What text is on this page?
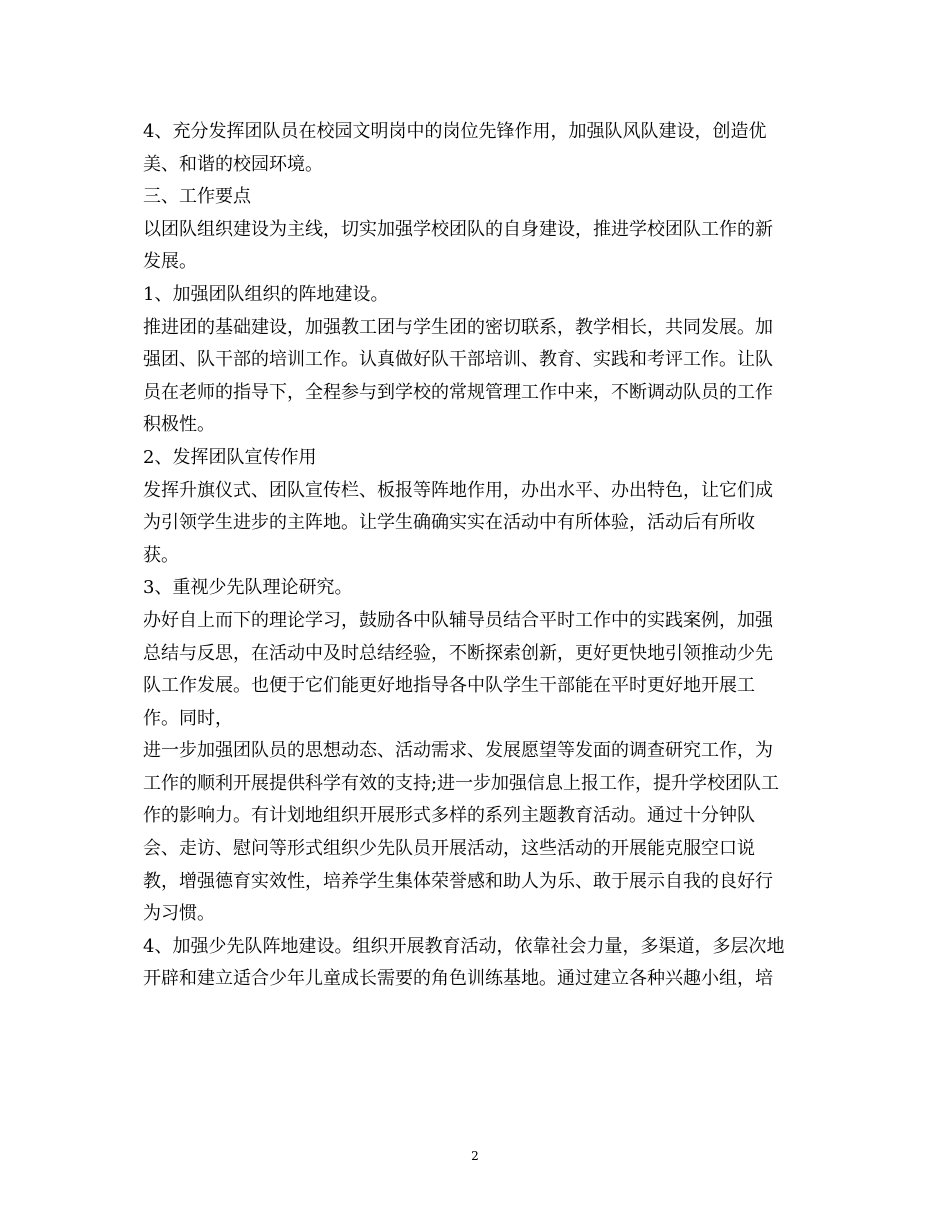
4、充分发挥团队员在校园文明岗中的岗位先锋作用，加强队风队建设，创造优
美、和谐的校园环境。
三、工作要点
以团队组织建设为主线，切实加强学校团队的自身建设，推进学校团队工作的新
发展。
1、加强团队组织的阵地建设。
推进团的基础建设，加强教工团与学生团的密切联系，教学相长，共同发展。加
强团、队干部的培训工作。认真做好队干部培训、教育、实践和考评工作。让队
员在老师的指导下，全程参与到学校的常规管理工作中来，不断调动队员的工作
积极性。
2、发挥团队宣传作用
发挥升旗仪式、团队宣传栏、板报等阵地作用，办出水平、办出特色，让它们成
为引领学生进步的主阵地。让学生确确实实在活动中有所体验，活动后有所收
获。
3、重视少先队理论研究。
办好自上而下的理论学习，鼓励各中队辅导员结合平时工作中的实践案例，加强
总结与反思，在活动中及时总结经验，不断探索创新，更好更快地引领推动少先
队工作发展。也便于它们能更好地指导各中队学生干部能在平时更好地开展工
作。同时，
进一步加强团队员的思想动态、活动需求、发展愿望等发面的调查研究工作，为
工作的顺利开展提供科学有效的支持;进一步加强信息上报工作，提升学校团队工
作的影响力。有计划地组织开展形式多样的系列主题教育活动。通过十分钟队
会、走访、慰问等形式组织少先队员开展活动，这些活动的开展能克服空口说
教，增强德育实效性，培养学生集体荣誉感和助人为乐、敢于展示自我的良好行
为习惯。
4、加强少先队阵地建设。组织开展教育活动，依靠社会力量，多渠道，多层次地
开辟和建立适合少年儿童成长需要的角色训练基地。通过建立各种兴趣小组，培
2
